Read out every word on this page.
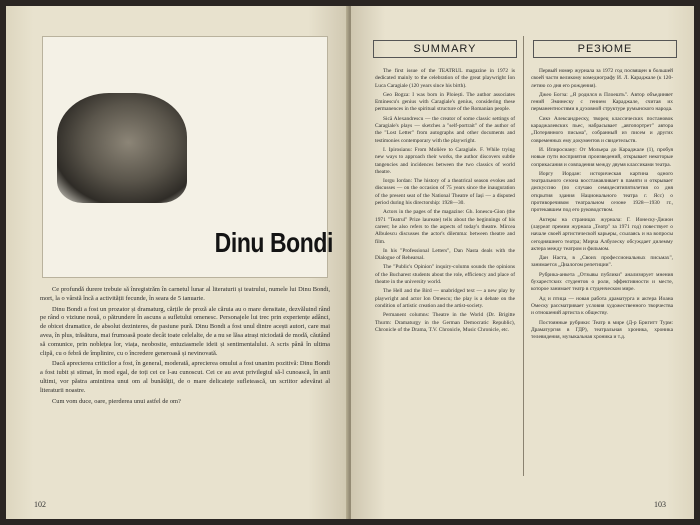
Dinu Bondi

Ce profundă durere trebuie să înregistrăm în carnetul lunar al literaturii și teatrului, numele lui Dinu Bondi, mort, la o vârstă încă a activității fecunde, în seara de 5 ianuarie.

Dinu Bondi a fost un prozator și dramaturg, cărțile de proză ale căruia au o mare densitate, dezvăluind rând pe rând o viziune nouă, o pătrundere în ascuns a sufletului omenesc. Personajele lui trec prin experiențe adânci, de obicei dramatice, de absolut dezinteres, de pasiune pură. Dinu Bondi a fost unul dintre acești autori, care mai avea, în plus, trăsătura, mai frumoasă poate decât toate celelalte, de a nu se lăsa atrași niciodată de modă, căutând să comunice, prin noblețea lor, viața, neobosite, entuziasmele ideii și sentimentalului. A scris până în ultima clipă, cu o febră de împlinire, cu o încredere generoasă și nevinovată.

Dacă aprecierea criticilor a fost, în general, moderată, aprecierea omului a fost unanim pozitivă: Dinu Bondi a fost iubit și stimat, în mod egal, de toți cei ce l-au cunoscut. Cei ce au avut privilegiul să-l cunoască, în anii ultimi, vor păstra amintirea unui om al bunătății, de o mare delicatețe sufletească, un scriitor adevărat al literaturii noastre.

Cum vom duce, oare, pierderea unui astfel de om?

102
SUMMARY	РЕЗЮМЕ

The first issue of the TEATRUL magazine in 1972 is dedicated mainly to the celebration of the great playwright Ion Luca Caragiale (120 years since his birth).

Geo Bogza: I was born in Ploiești. The author associates Eminescu's genius with Caragiale's genius, considering these permanences in the spiritual structure of the Romanian people.

Sică Alexandrescu — the creator of some classic settings of Caragiale's plays — sketches a "self-portrait" of the author of the "Lost Letter" from autographs and other documents and testimonies contemporary with the playwright.

I. Ipirosianu: From Molière to Caragiale. F. While trying new ways to approach their works, the author discovers subtle tangencies and incidences between the two classics of world theatre.

Iorgu Iordan: The history of a theatrical season evokes and discusses — on the occasion of 75 years since the inauguration of the present seat of the National Theatre of Iași — a disputed period during his directorship: 1928—30.

Actors in the pages of the magazine: Gh. Ionescu-Gion (the 1971 "Teatrul" Prize laureate) tells about the beginnings of his career; he also refers to the aspects of today's theatre. Mircea Albulescu discusses the actor's dilemma: between theatre and film.

In his "Professional Letters", Dan Nasta deals with the Dialogue of Rehearsal.

The "Public's Opinion" inquiry-column sounds the opinions of the Bucharest students about the role, efficiency and place of theatre in the university world.

The Hell and the Bird — unabridged text — a new play by playwright and actor Ion Omescu; the play is a debate on the condition of artistic creation and the artist-society.

Permanent columns: Theatre in the World (Dr. Brigitte Thurm: Dramaturgy in the German Democratic Republic), Chronicle of the Drama, T.V. Chronicle, Music Chronicle, etc.

Первый номер журнала за 1972 год посвящен в большей своей части великому комедиографу И. Л. Караджале (к 120-летию со дня его рождения).

Джео Богза: „Я родился в Плоешть". Автор объединяет гений Эминеску с гением Караджале, считая их перманентностями в духовной структуре румынского народа.

Сикэ Александреску, творец классических постановок караджалевских пьес, набрасывает „автопортрет" автора „Потерянного письма", собранный из писем и других современных ему документов и свидетельств.

И. Ипиросиану: От Мольера до Караджале (1), пробуя новые пути восприятия произведений, открывает некоторые соприкасания и совпадения между двумя классиками театра.

Иоргу Иордан: историческая картина одного театрального сезона восстанавливает в памяти и открывает дискуссию (по случаю семидесятипятилетия со дня открытия здания Национального театра г. Ясс) о противоречивом театральном сезоне 1928—1930 гг., протекавшем под его руководством.

Актеры на страницах журнала: Г. Ионеску-Джион (лауреат премии журнала „Театр" за 1971 год) повествует о начале своей артистической карьеры, ссылаясь и на вопросы сегодняшнего театра; Мирча Албулеску обсуждает дилемму актера между театром и фильмом.

Дан Наста, в „Своих профессиональных письмах", занимается „Диалогом репетиции".

Рубрика-анкета „Отзывы публики" анализирует мнения бухарестских студентов о роли, эффективности и месте, которое занимает театр в студенческом мире.

Ад и птица — новая работа драматурга и актера Иоана Омеску рассматривает условия художественного творчества и отношений артиста к обществу.

Постоянные рубрики: Театр в мире (Д-р Бригитт Турм: Драматургия в ГДР), театральная хроника, хроника телевидения, музыкальная хроника и т.д.

103
